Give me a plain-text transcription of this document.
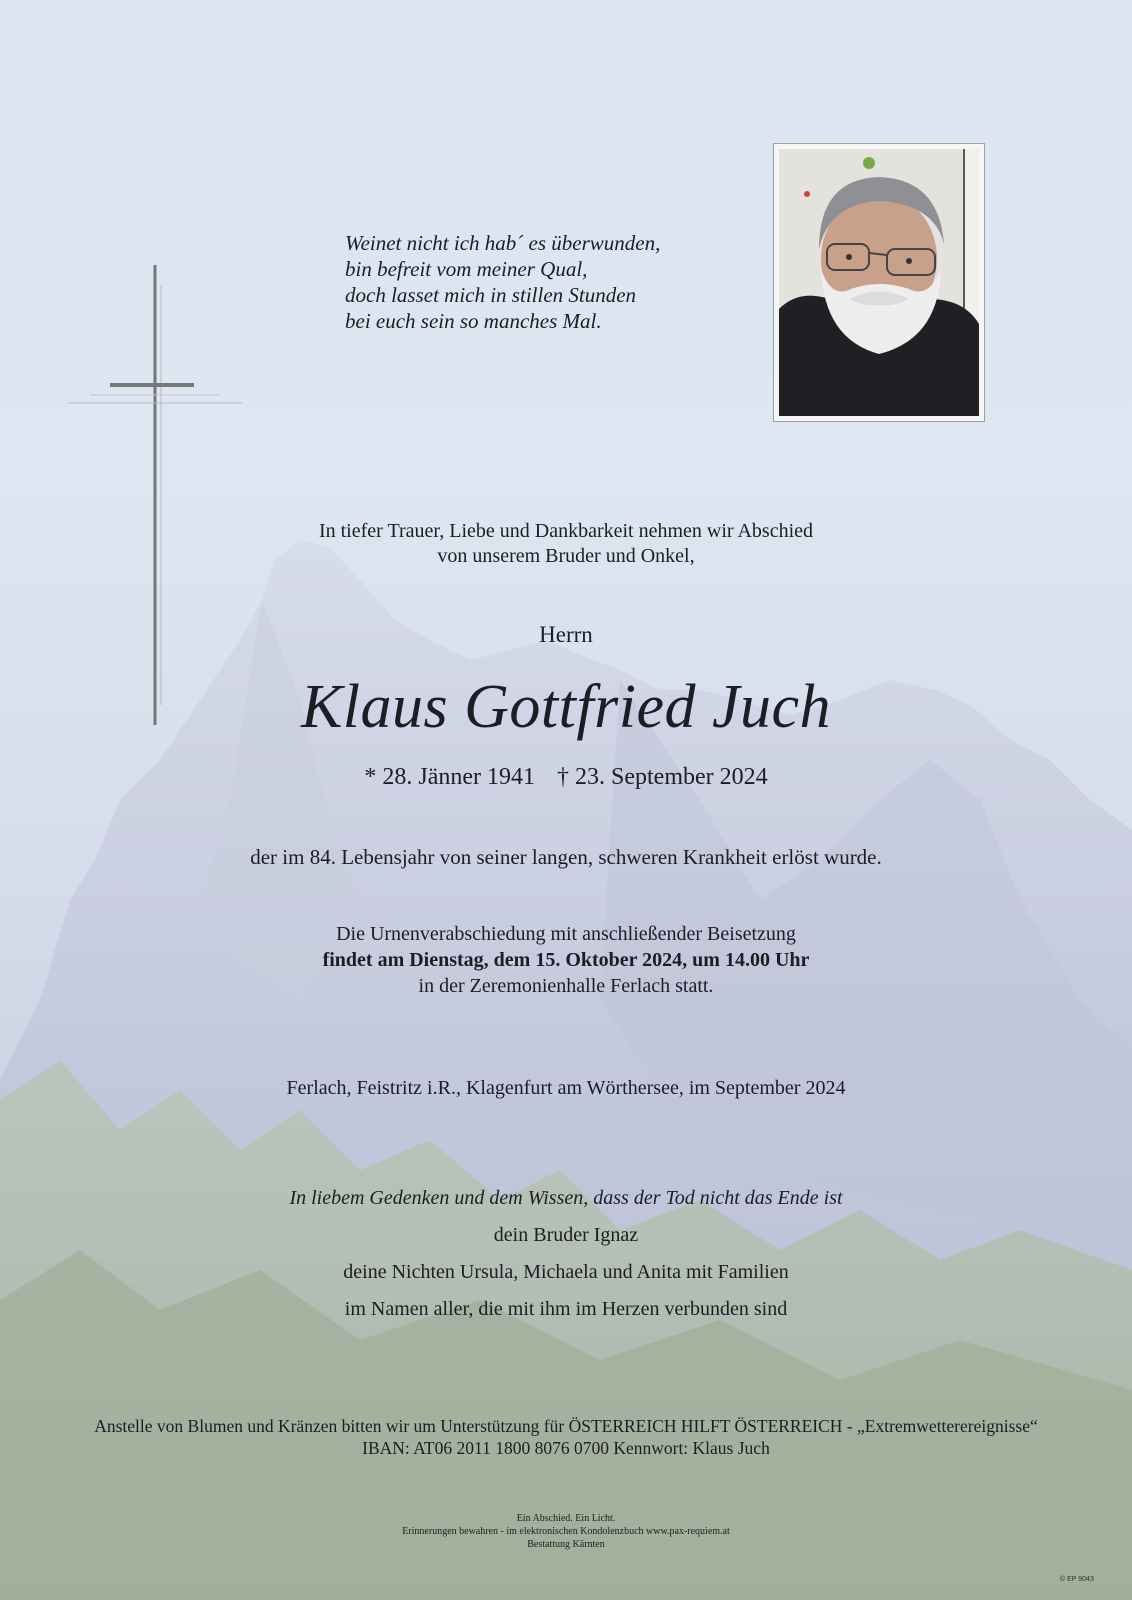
Weinet nicht ich hab´ es überwunden,
bin befreit vom meiner Qual,
doch lasset mich in stillen Stunden
bei euch sein so manches Mal.
In tiefer Trauer, Liebe und Dankbarkeit nehmen wir Abschied
von unserem Bruder und Onkel,
Herrn
Klaus Gottfried Juch
* 28. Jänner 1941 † 23. September 2024
der im 84. Lebensjahr von seiner langen, schweren Krankheit erlöst wurde.
Die Urnenverabschiedung mit anschließender Beisetzung
findet am Dienstag, dem 15. Oktober 2024, um 14.00 Uhr
in der Zeremonienhalle Ferlach statt.
Ferlach, Feistritz i.R., Klagenfurt am Wörthersee, im September 2024
In liebem Gedenken und dem Wissen, dass der Tod nicht das Ende ist
dein Bruder Ignaz
deine Nichten Ursula, Michaela und Anita mit Familien
im Namen aller, die mit ihm im Herzen verbunden sind
Anstelle von Blumen und Kränzen bitten wir um Unterstützung für ÖSTERREICH HILFT ÖSTERREICH - „Extremwetterereignisse“
IBAN: AT06 2011 1800 8076 0700 Kennwort: Klaus Juch
Ein Abschied. Ein Licht.
Erinnerungen bewahren - im elektronischen Kondolenzbuch www.pax-requiem.at
Bestattung Kärnten
© EP 9043
